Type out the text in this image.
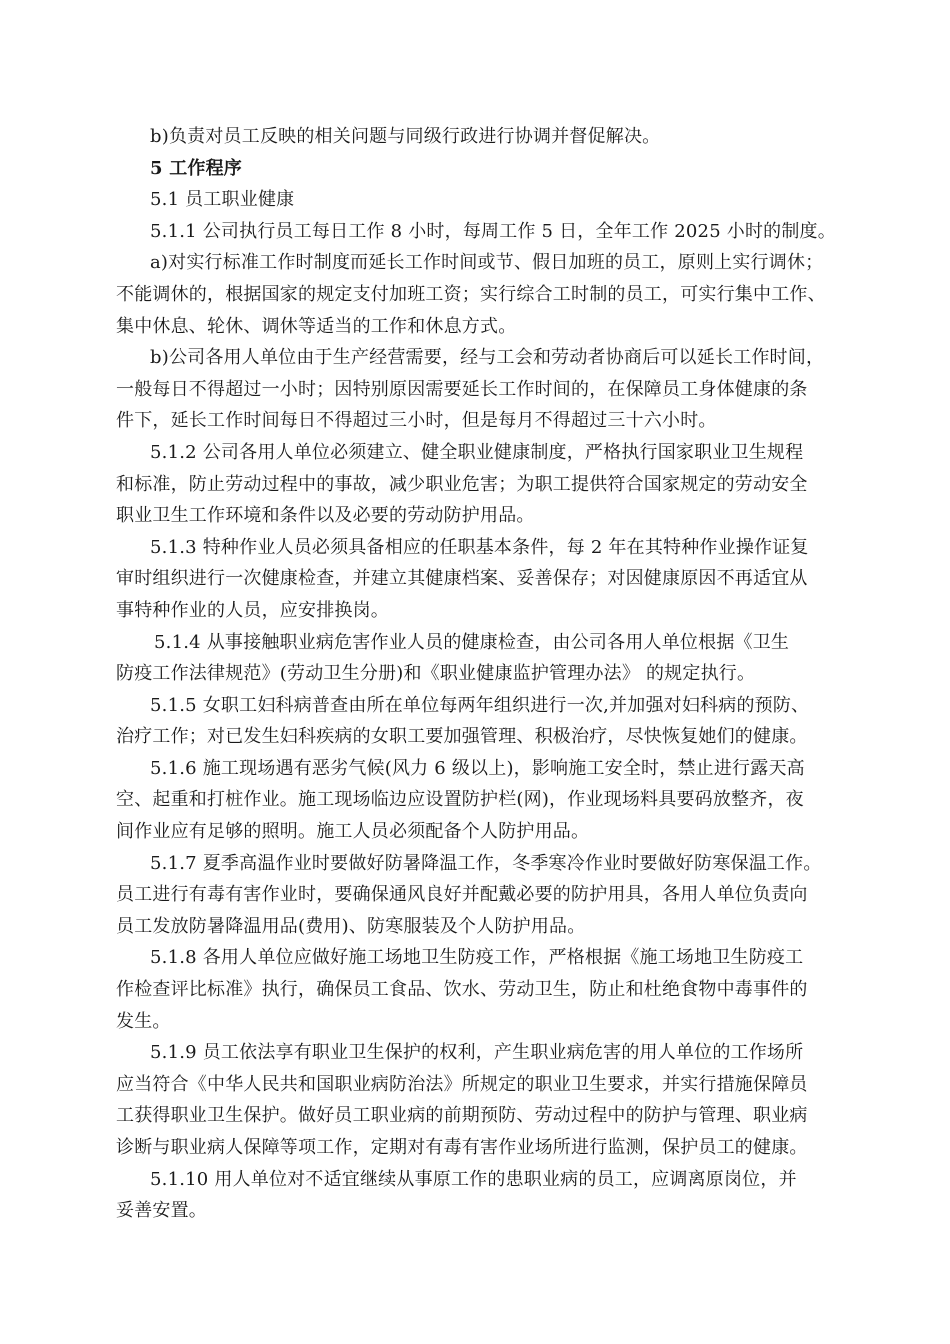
b)负责对员工反映的相关问题与同级行政进行协调并督促解决。
5 工作程序
5.1 员工职业健康
5.1.1 公司执行员工每日工作 8 小时，每周工作 5 日，全年工作 2025 小时的制度。
a)对实行标准工作时制度而延长工作时间或节、假日加班的员工，原则上实行调休；
不能调休的，根据国家的规定支付加班工资；实行综合工时制的员工，可实行集中工作、
集中休息、轮休、调休等适当的工作和休息方式。
b)公司各用人单位由于生产经营需要，经与工会和劳动者协商后可以延长工作时间，
一般每日不得超过一小时；因特别原因需要延长工作时间的，在保障员工身体健康的条
件下，延长工作时间每日不得超过三小时，但是每月不得超过三十六小时。
5.1.2 公司各用人单位必须建立、健全职业健康制度，严格执行国家职业卫生规程
和标准，防止劳动过程中的事故，减少职业危害；为职工提供符合国家规定的劳动安全
职业卫生工作环境和条件以及必要的劳动防护用品。
5.1.3 特种作业人员必须具备相应的任职基本条件，每 2 年在其特种作业操作证复
审时组织进行一次健康检查，并建立其健康档案、妥善保存；对因健康原因不再适宜从
事特种作业的人员，应安排换岗。
5.1.4 从事接触职业病危害作业人员的健康检查，由公司各用人单位根据《卫生
防疫工作法律规范》(劳动卫生分册)和《职业健康监护管理办法》 的规定执行。
5.1.5 女职工妇科病普查由所在单位每两年组织进行一次,并加强对妇科病的预防、
治疗工作；对已发生妇科疾病的女职工要加强管理、积极治疗，尽快恢复她们的健康。
5.1.6 施工现场遇有恶劣气候(风力 6 级以上)，影响施工安全时，禁止进行露天高
空、起重和打桩作业。施工现场临边应设置防护栏(网)，作业现场料具要码放整齐，夜
间作业应有足够的照明。施工人员必须配备个人防护用品。
5.1.7 夏季高温作业时要做好防暑降温工作，冬季寒冷作业时要做好防寒保温工作。
员工进行有毒有害作业时，要确保通风良好并配戴必要的防护用具，各用人单位负责向
员工发放防暑降温用品(费用)、防寒服装及个人防护用品。
5.1.8 各用人单位应做好施工场地卫生防疫工作，严格根据《施工场地卫生防疫工
作检查评比标准》执行，确保员工食品、饮水、劳动卫生，防止和杜绝食物中毒事件的
发生。
5.1.9 员工依法享有职业卫生保护的权利，产生职业病危害的用人单位的工作场所
应当符合《中华人民共和国职业病防治法》所规定的职业卫生要求，并实行措施保障员
工获得职业卫生保护。做好员工职业病的前期预防、劳动过程中的防护与管理、职业病
诊断与职业病人保障等项工作，定期对有毒有害作业场所进行监测，保护员工的健康。
5.1.10 用人单位对不适宜继续从事原工作的患职业病的员工，应调离原岗位，并
妥善安置。
